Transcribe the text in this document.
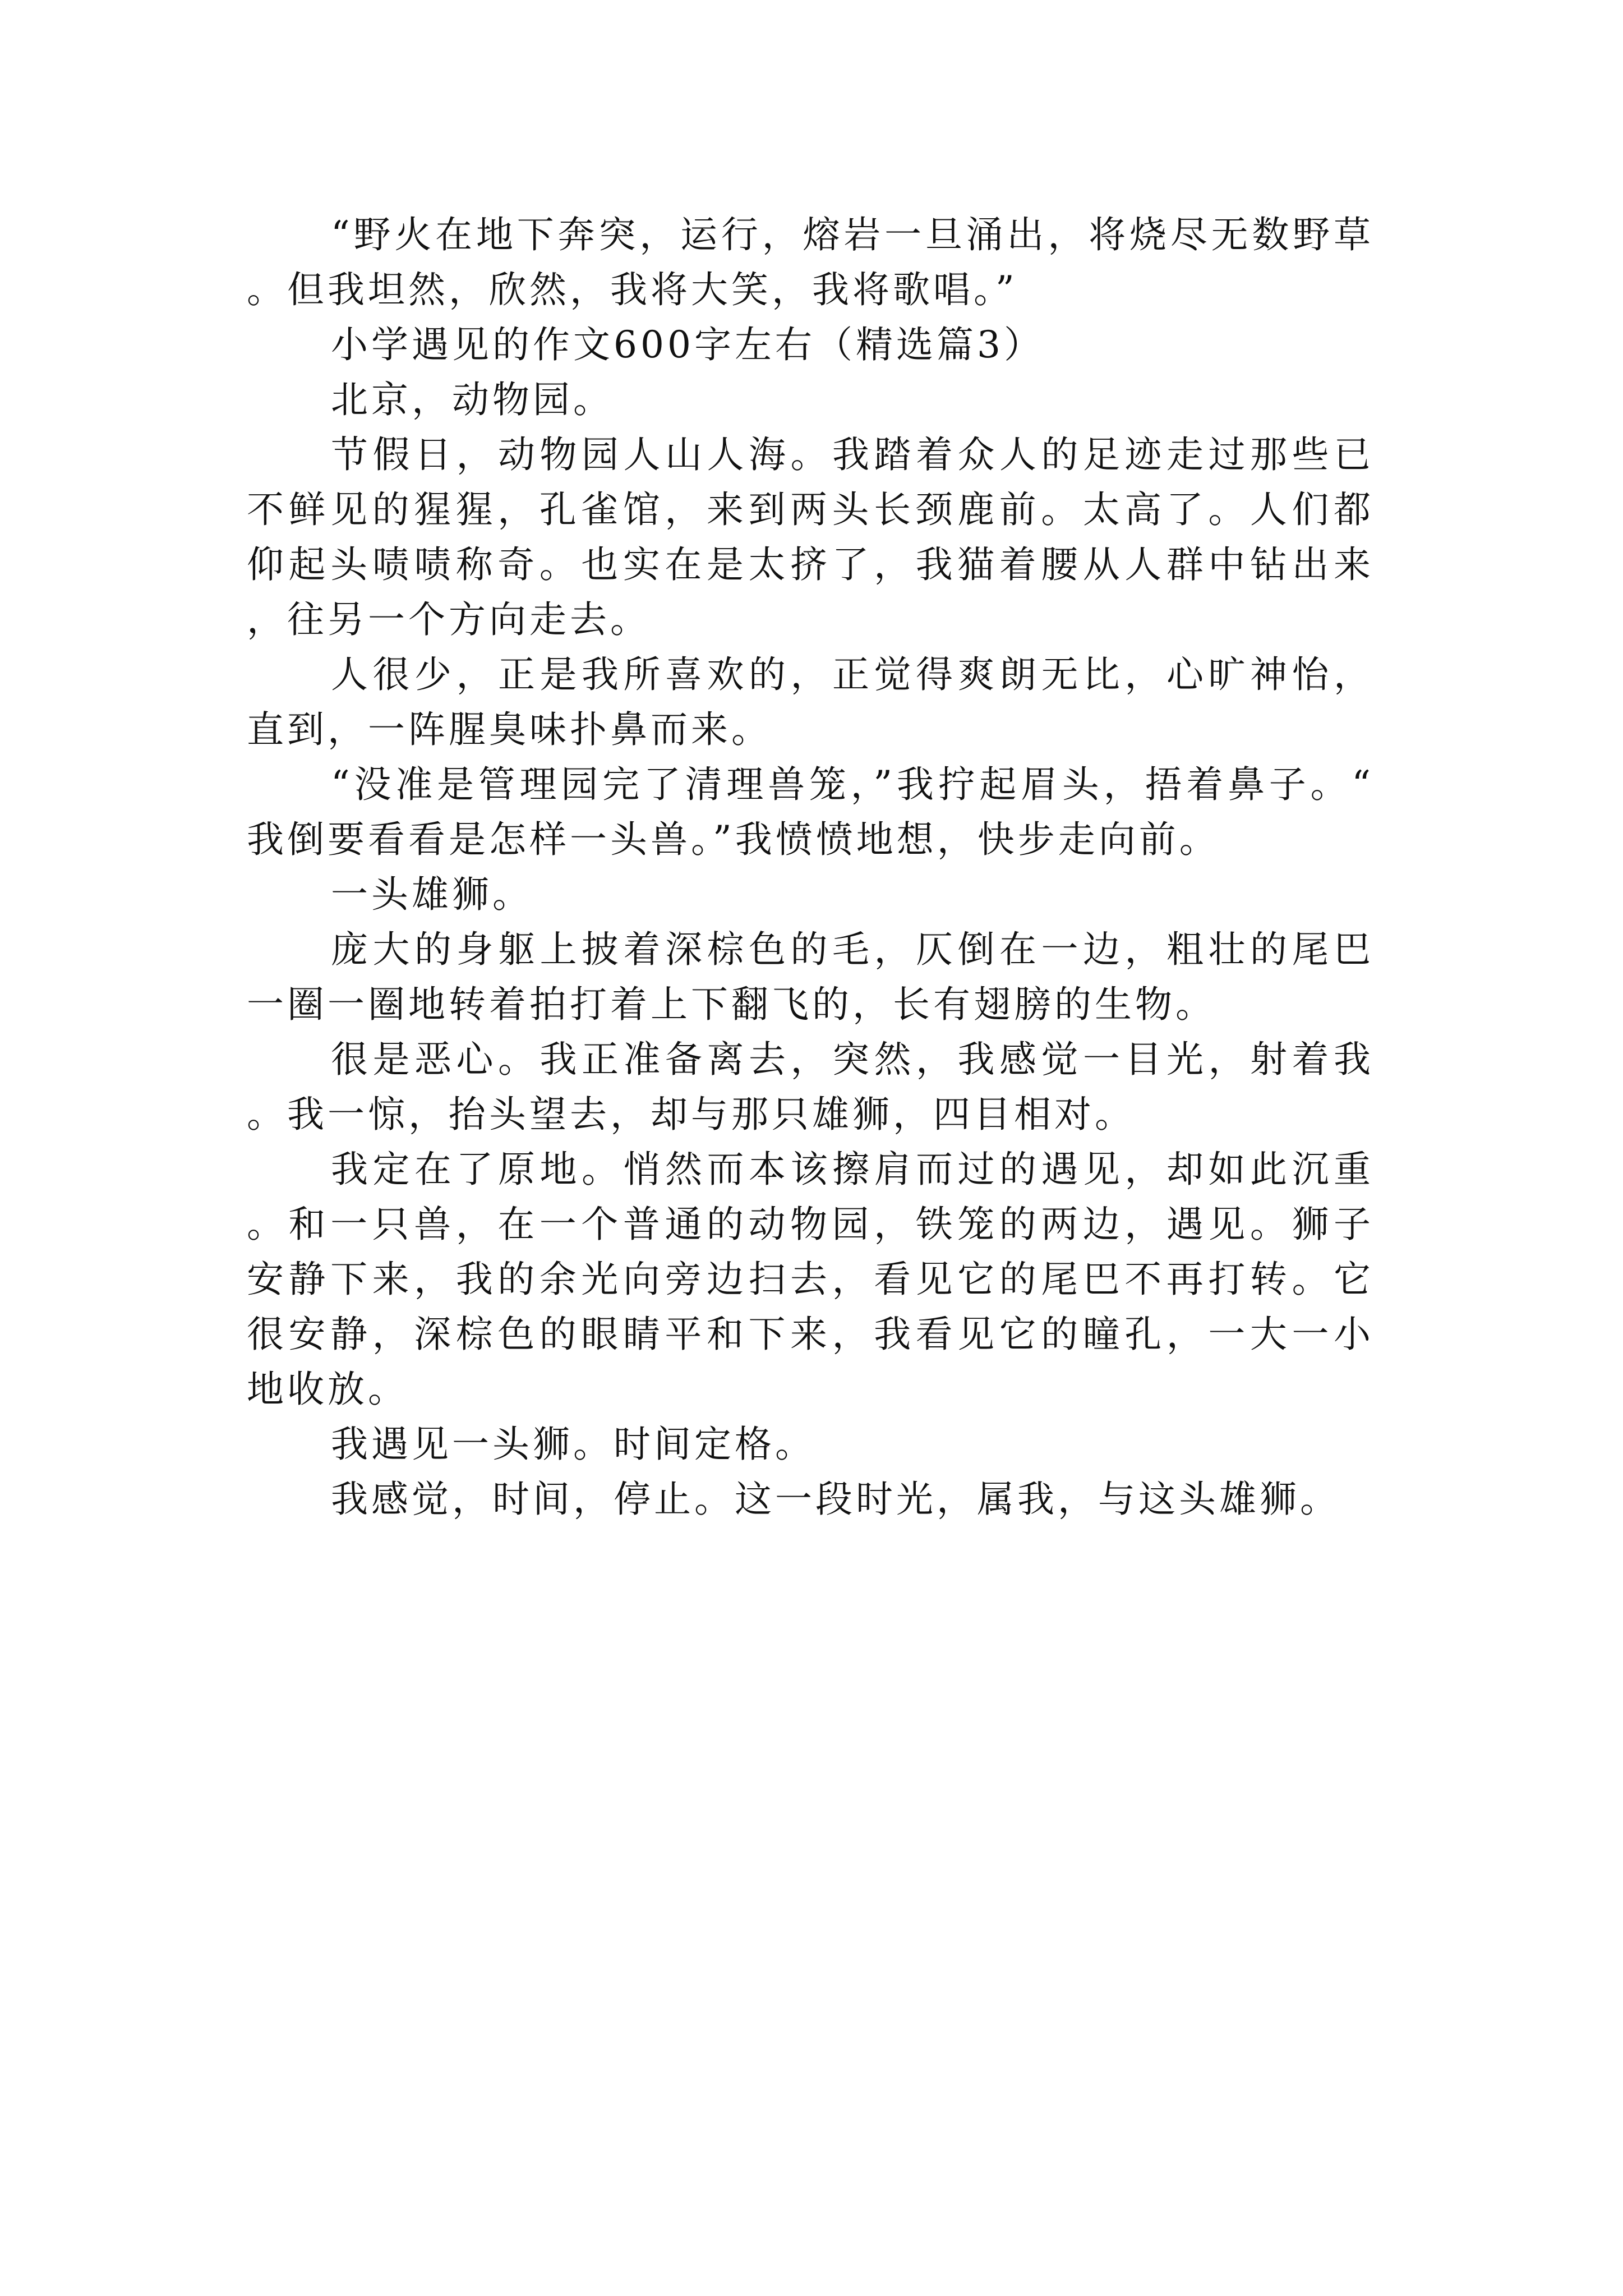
“野火在地下奔突，运行，熔岩一旦涌出，将烧尽无数野草。但我坦然，欣然，我将大笑，我将歌唱。”

小学遇见的作文600字左右（精选篇3）

北京，动物园。

节假日，动物园人山人海。我踏着众人的足迹走过那些已不鲜见的猩猩，孔雀馆，来到两头长颈鹿前。太高了。人们都仰起头啧啧称奇。也实在是太挤了，我猫着腰从人群中钻出来，往另一个方向走去。

人很少，正是我所喜欢的，正觉得爽朗无比，心旷神怡，直到，一阵腥臭味扑鼻而来。

“没准是管理园完了清理兽笼，”我拧起眉头，捂着鼻子。“我倒要看看是怎样一头兽。”我愤愤地想，快步走向前。

一头雄狮。

庞大的身躯上披着深棕色的毛，仄倒在一边，粗壮的尾巴一圈一圈地转着拍打着上下翻飞的，长有翅膀的生物。

很是恶心。我正准备离去，突然，我感觉一目光，射着我。我一惊，抬头望去，却与那只雄狮，四目相对。

我定在了原地。悄然而本该擦肩而过的遇见，却如此沉重。和一只兽，在一个普通的动物园，铁笼的两边，遇见。狮子安静下来，我的余光向旁边扫去，看见它的尾巴不再打转。它很安静，深棕色的眼睛平和下来，我看见它的瞳孔，一大一小地收放。

我遇见一头狮。时间定格。

我感觉，时间，停止。这一段时光，属我，与这头雄狮。
